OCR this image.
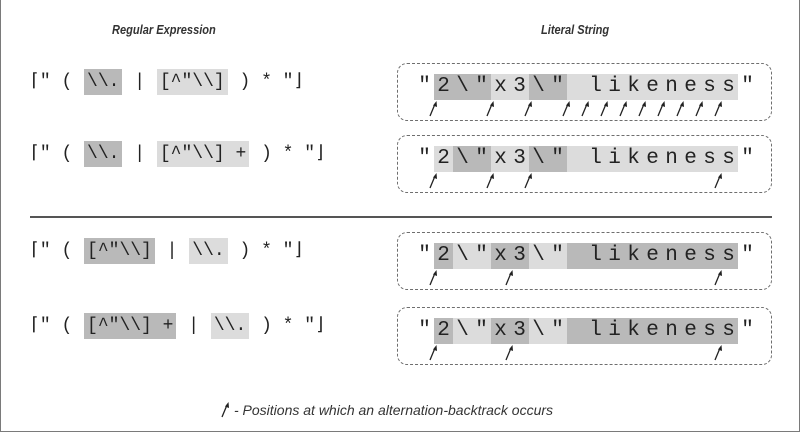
Regular Expression	Literal String
⌈" ( \\. | [^"\\] ) * "⌋	" 2 \ " x 3 \ " l i k e n e s s "
⌈" ( \\. | [^"\\] + ) * "⌋	" 2 \ " x 3 \ " l i k e n e s s "
⌈" ( [^"\\] | \\. ) * "⌋	" 2 \ " x 3 \ " l i k e n e s s "
⌈" ( [^"\\] + | \\. ) * "⌋	" 2 \ " x 3 \ " l i k e n e s s "
- Positions at which an alternation-backtrack occurs
